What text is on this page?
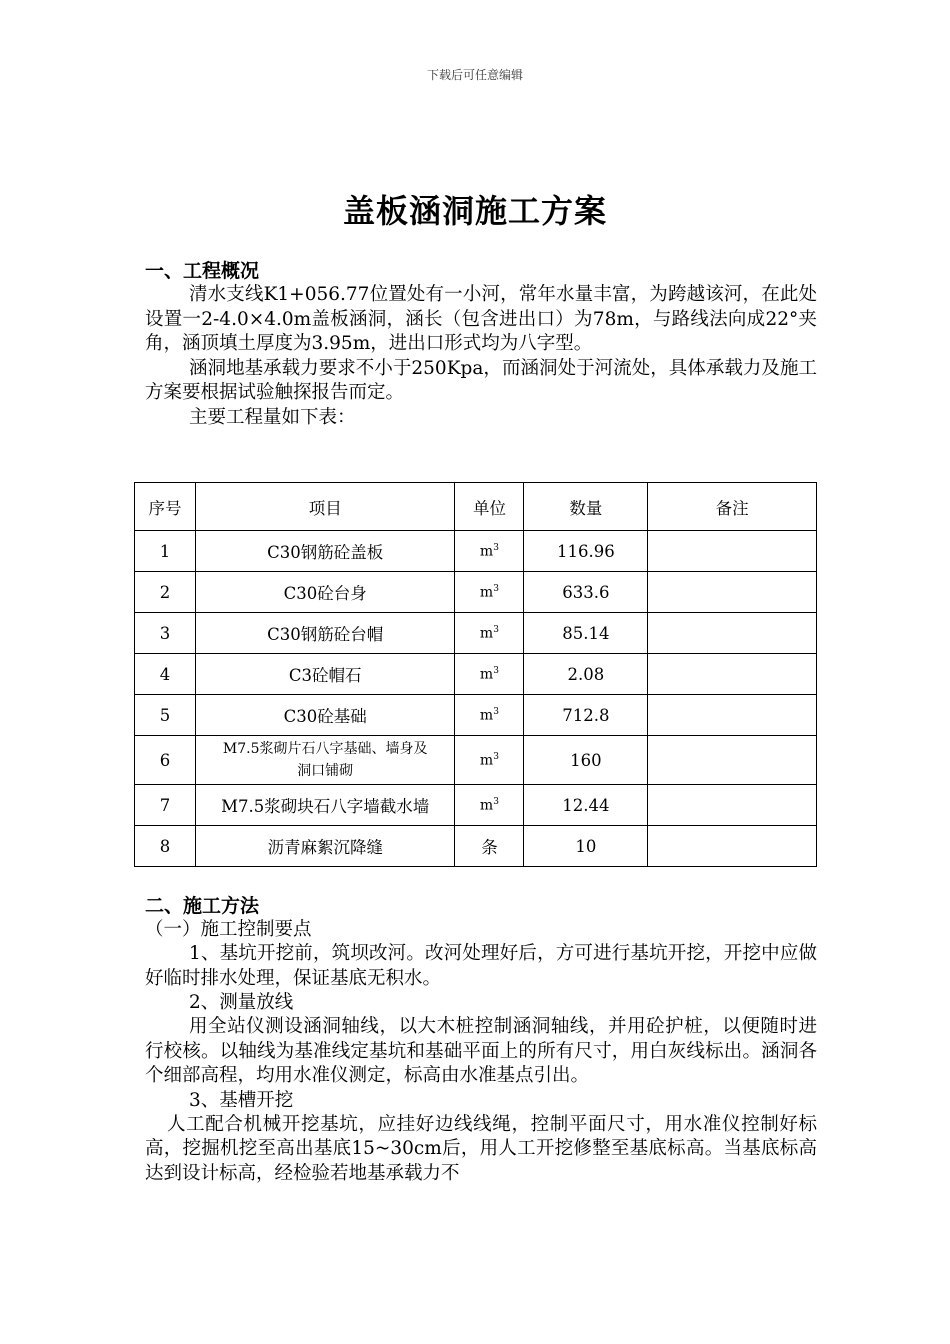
下载后可任意编辑
盖板涵洞施工方案

一、工程概况

清水支线K1+056.77位置处有一小河，常年水量丰富，为跨越该河，在此处设置一2-4.0×4.0m盖板涵洞，涵长（包含进出口）为78m，与路线法向成22°夹角，涵顶填土厚度为3.95m，进出口形式均为八字型。

涵洞地基承载力要求不小于250Kpa，而涵洞处于河流处，具体承载力及施工方案要根据试验触探报告而定。

主要工程量如下表：

序号	项目	单位	数量	备注
1	C30钢筋砼盖板	$m^3$	116.96	
2	C30砼台身	$m^3$	633.6	
3	C30钢筋砼台帽	$m^3$	85.14	
4	C3砼帽石	$m^3$	2.08	
5	C30砼基础	$m^3$	712.8	
6	M7.5浆砌片石八字基础、墙身及
洞口铺砌	$m^3$	160	
7	M7.5浆砌块石八字墙截水墙	$m^3$	12.44	
8	沥青麻絮沉降缝	条	10	

二、施工方法

（一）施工控制要点

1、基坑开挖前，筑坝改河。改河处理好后，方可进行基坑开挖，开挖中应做好临时排水处理，保证基底无积水。

2、测量放线

用全站仪测设涵洞轴线，以大木桩控制涵洞轴线，并用砼护桩，以便随时进行校核。以轴线为基准线定基坑和基础平面上的所有尺寸，用白灰线标出。涵洞各个细部高程，均用水准仪测定，标高由水准基点引出。

3、基槽开挖

人工配合机械开挖基坑，应挂好边线线绳，控制平面尺寸，用水准仪控制好标高，挖掘机挖至高出基底15~30cm后，用人工开挖修整至基底标高。当基底标高达到设计标高，经检验若地基承载力不
